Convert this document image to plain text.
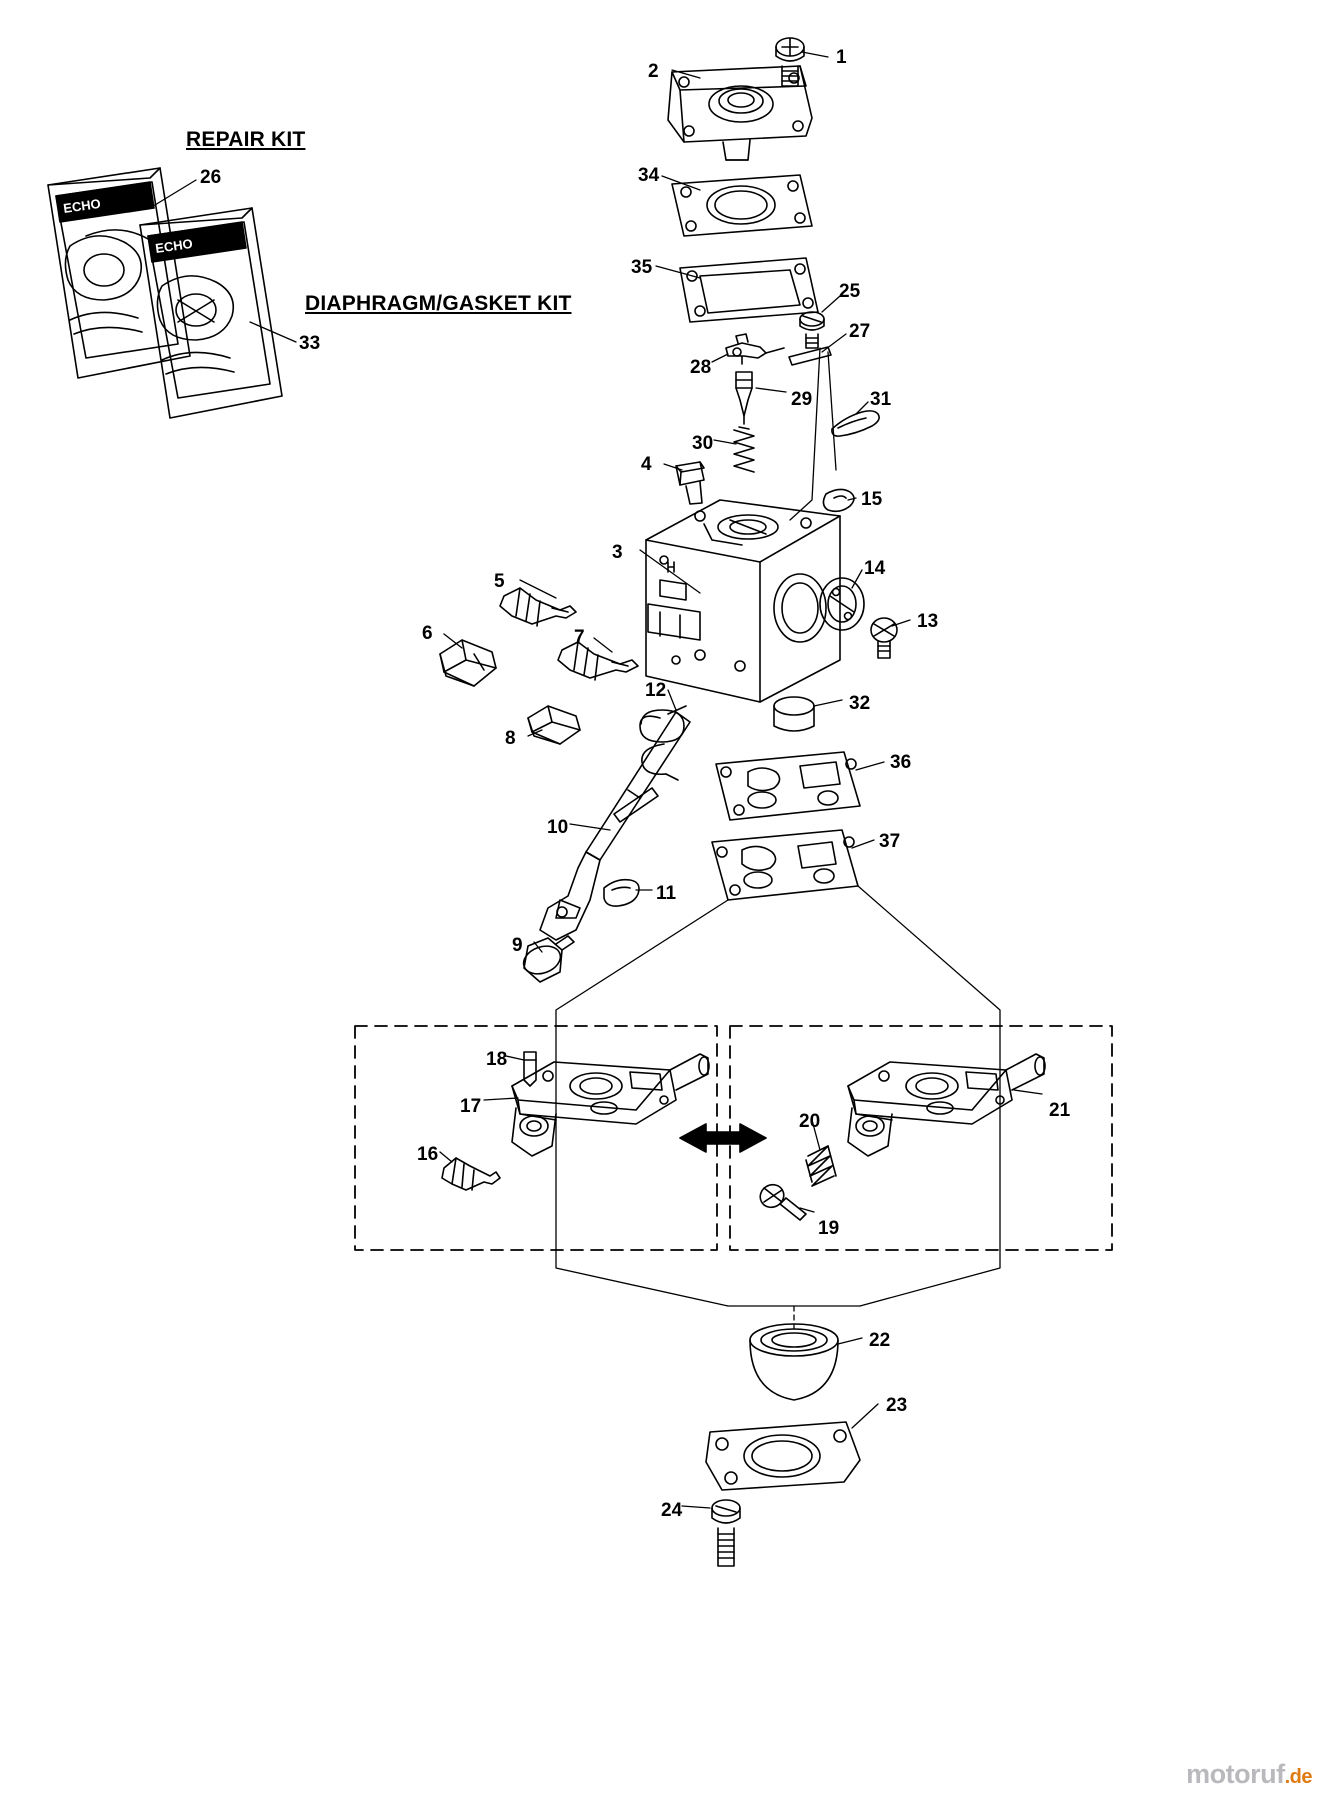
ECHO
ECHO
REPAIR KIT
DIAPHRAGM/GASKET KIT
1
2
3
4
5
6	7
8
9
10
11
12
13
14
15
16
17
18
19
20
21
22
23
24
25
26
27
28
29
30
31
32
33
34
35
36
37
motoruf.de
